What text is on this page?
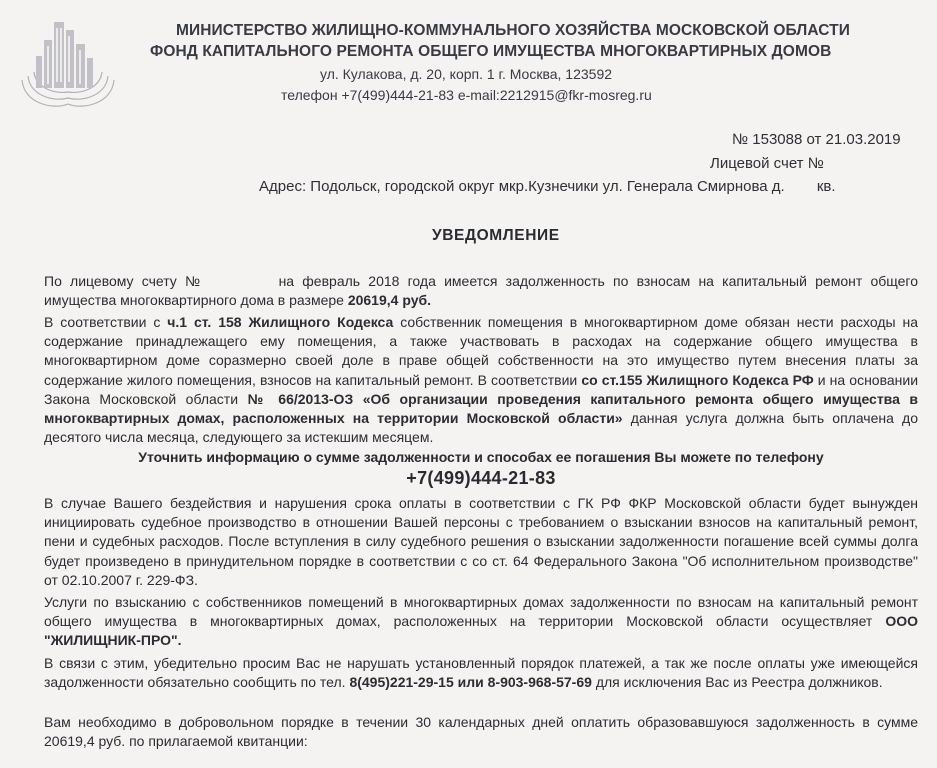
МИНИСТЕРСТВО ЖИЛИЩНО-КОММУНАЛЬНОГО ХОЗЯЙСТВА МОСКОВСКОЙ ОБЛАСТИ
ФОНД КАПИТАЛЬНОГО РЕМОНТА ОБЩЕГО ИМУЩЕСТВА МНОГОКВАРТИРНЫХ ДОМОВ
ул. Кулакова, д. 20, корп. 1 г. Москва, 123592
телефон +7(499)444-21-83 e-mail:2212915@fkr-mosreg.ru
№ 153088 от 21.03.2019
Лицевой счет №
Адрес: Подольск, городской округ мкр.Кузнечики ул. Генерала Смирнова д. кв.
УВЕДОМЛЕНИЕ
По лицевому счету №	на февраль 2018 года имеется задолженность по взносам на капитальный ремонт общего имущества многоквартирного дома в размере 20619,4 руб.
В соответствии с ч.1 ст. 158 Жилищного Кодекса собственник помещения в многоквартирном доме обязан нести расходы на содержание принадлежащего ему помещения, а также участвовать в расходах на содержание общего имущества в многоквартирном доме соразмерно своей доле в праве общей собственности на это имущество путем внесения платы за содержание жилого помещения, взносов на капитальный ремонт. В соответствии со ст.155 Жилищного Кодекса РФ и на основании Закона Московской области № 66/2013-ОЗ «Об организации проведения капитального ремонта общего имущества в многоквартирных домах, расположенных на территории Московской области» данная услуга должна быть оплачена до десятого числа месяца, следующего за истекшим месяцем.
Уточнить информацию о сумме задолженности и способах ее погашения Вы можете по телефону
+7(499)444-21-83
В случае Вашего бездействия и нарушения срока оплаты в соответствии с ГК РФ ФКР Московской области будет вынужден инициировать судебное производство в отношении Вашей персоны с требованием о взыскании взносов на капитальный ремонт, пени и судебных расходов. После вступления в силу судебного решения о взыскании задолженности погашение всей суммы долга будет произведено в принудительном порядке в соответствии с со ст. 64 Федерального Закона "Об исполнительном производстве" от 02.10.2007 г. 229-ФЗ.
Услуги по взысканию с собственников помещений в многоквартирных домах задолженности по взносам на капитальный ремонт общего имущества в многоквартирных домах, расположенных на территории Московской области осуществляет ООО "ЖИЛИЩНИК-ПРО".
В связи с этим, убедительно просим Вас не нарушать установленный порядок платежей, а так же после оплаты уже имеющейся задолженности обязательно сообщить по тел. 8(495)221-29-15 или 8-903-968-57-69 для исключения Вас из Реестра должников.
Вам необходимо в добровольном порядке в течении 30 календарных дней оплатить образовавшуюся задолженность в сумме 20619,4 руб. по прилагаемой квитанции:
